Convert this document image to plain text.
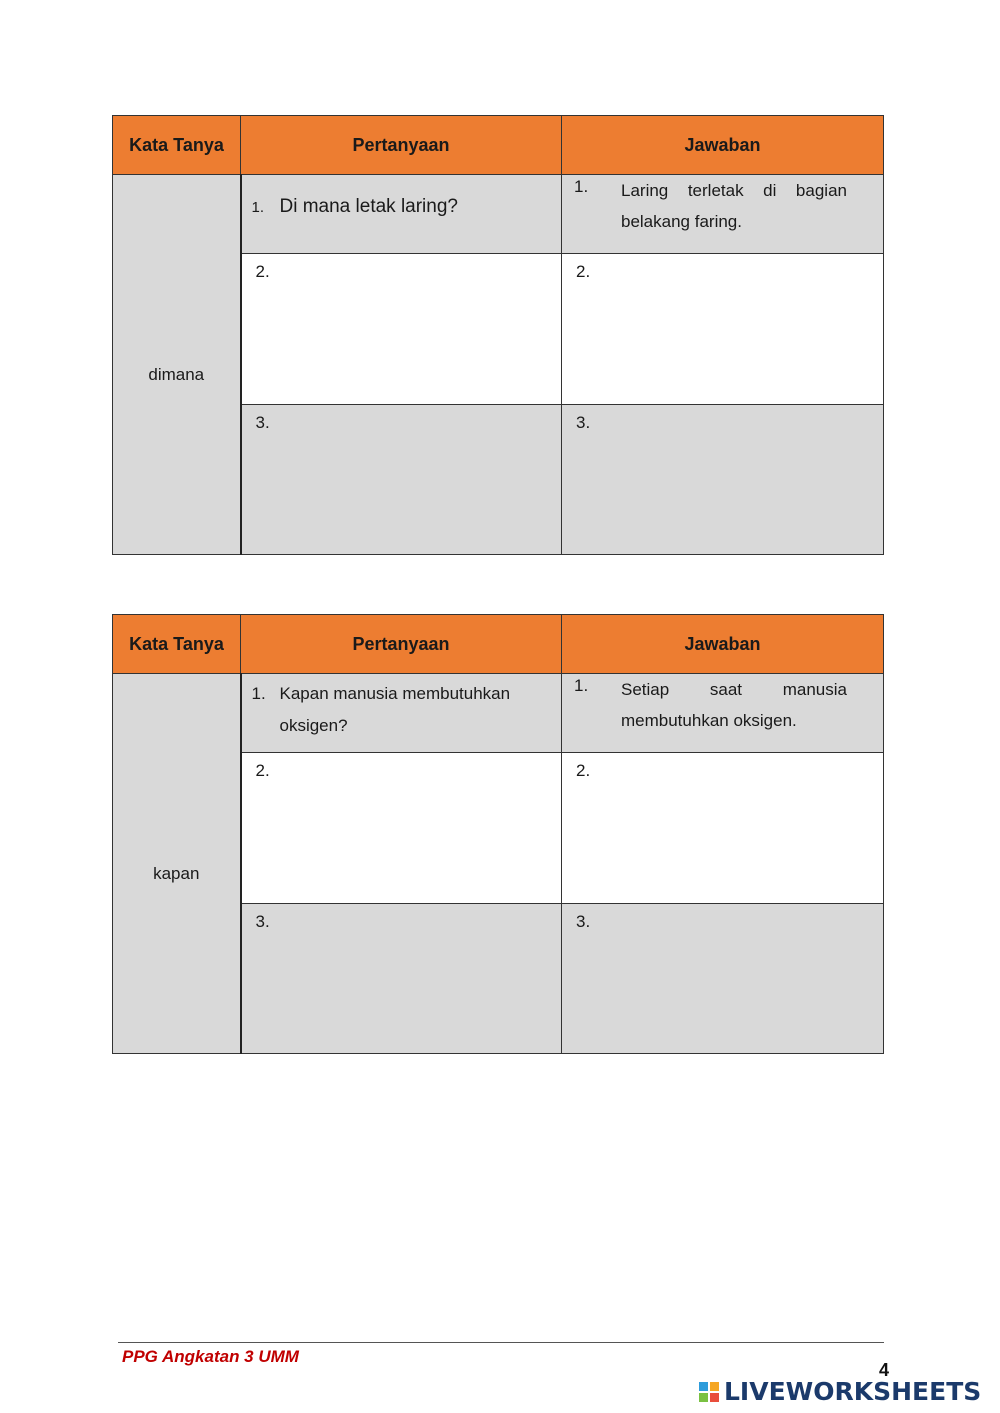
Kata Tanya	Pertanyaan	Jawaban
dimana	1. Di mana letak laring?	1. Laring terletak di bagian belakang faring.

	2.	2.

	3.	3.
Kata Tanya	Pertanyaan	Jawaban
kapan	1. Kapan manusia membutuhkan oksigen?	1. Setiap saat manusia membutuhkan oksigen.

	2.	2.

	3.	3.
PPG Angkatan 3 UMM
4
LIVEWORKSHEETS
